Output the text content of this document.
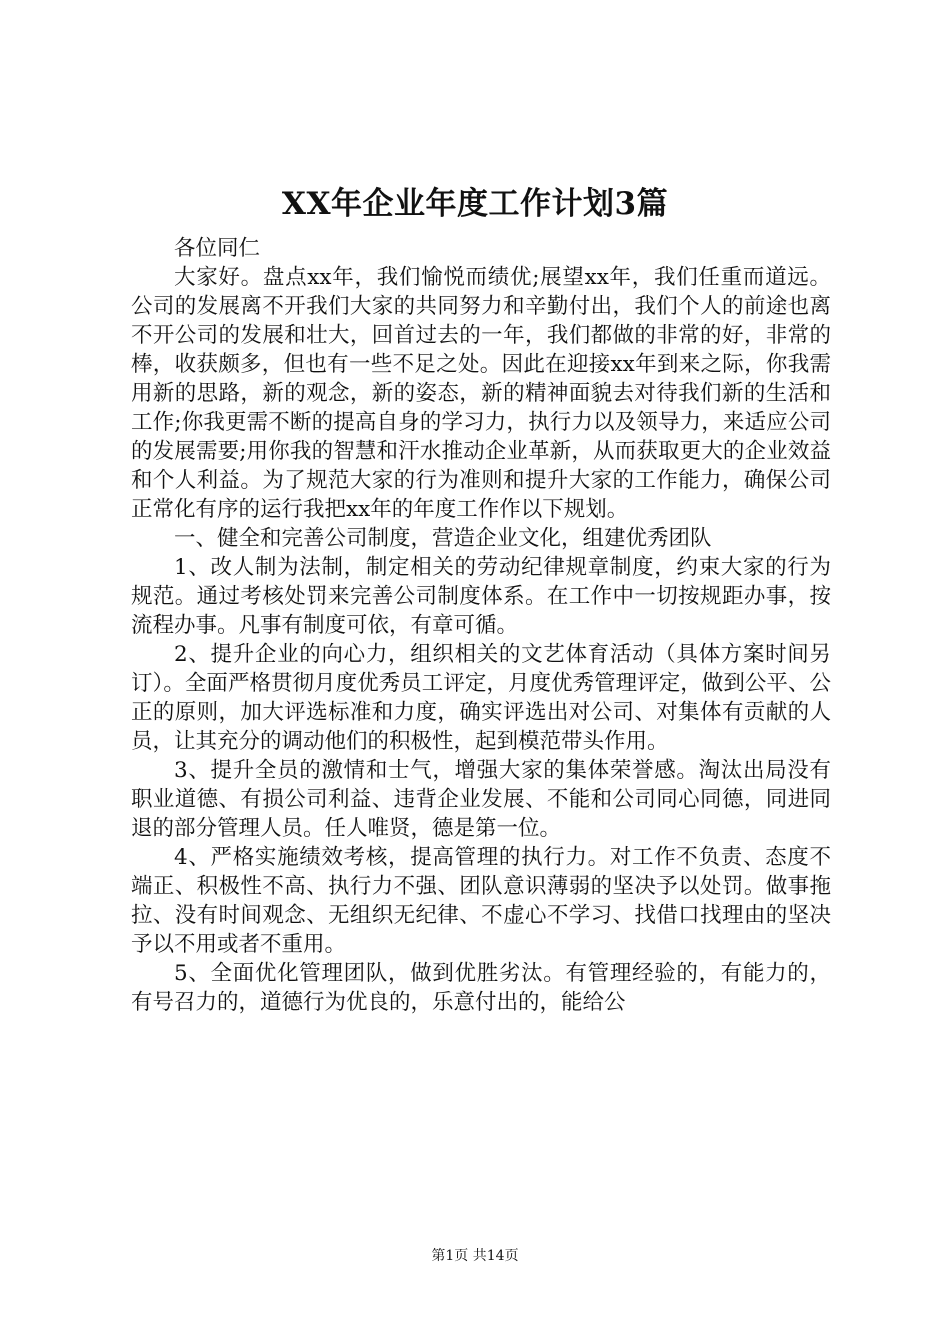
XX年企业年度工作计划3篇

各位同仁

大家好。盘点xx年，我们愉悦而绩优;展望xx年，我们任重而道远。公司的发展离不开我们大家的共同努力和辛勤付出，我们个人的前途也离不开公司的发展和壮大，回首过去的一年，我们都做的非常的好，非常的棒，收获颇多，但也有一些不足之处。因此在迎接xx年到来之际，你我需用新的思路，新的观念，新的姿态，新的精神面貌去对待我们新的生活和工作;你我更需不断的提高自身的学习力，执行力以及领导力，来适应公司的发展需要;用你我的智慧和汗水推动企业革新，从而获取更大的企业效益和个人利益。为了规范大家的行为准则和提升大家的工作能力，确保公司正常化有序的运行我把xx年的年度工作作以下规划。

一、健全和完善公司制度，营造企业文化，组建优秀团队

1、改人制为法制，制定相关的劳动纪律规章制度，约束大家的行为规范。通过考核处罚来完善公司制度体系。在工作中一切按规距办事，按流程办事。凡事有制度可依，有章可循。

2、提升企业的向心力，组织相关的文艺体育活动（具体方案时间另订）。全面严格贯彻月度优秀员工评定，月度优秀管理评定，做到公平、公正的原则，加大评选标准和力度，确实评选出对公司、对集体有贡献的人员，让其充分的调动他们的积极性，起到模范带头作用。

3、提升全员的激情和士气，增强大家的集体荣誉感。淘汰出局没有职业道德、有损公司利益、违背企业发展、不能和公司同心同德，同进同退的部分管理人员。任人唯贤，德是第一位。

4、严格实施绩效考核，提高管理的执行力。对工作不负责、态度不端正、积极性不高、执行力不强、团队意识薄弱的坚决予以处罚。做事拖拉、没有时间观念、无组织无纪律、不虚心不学习、找借口找理由的坚决予以不用或者不重用。

5、全面优化管理团队，做到优胜劣汰。有管理经验的，有能力的，有号召力的，道德行为优良的，乐意付出的，能给公

第1页 共14页
